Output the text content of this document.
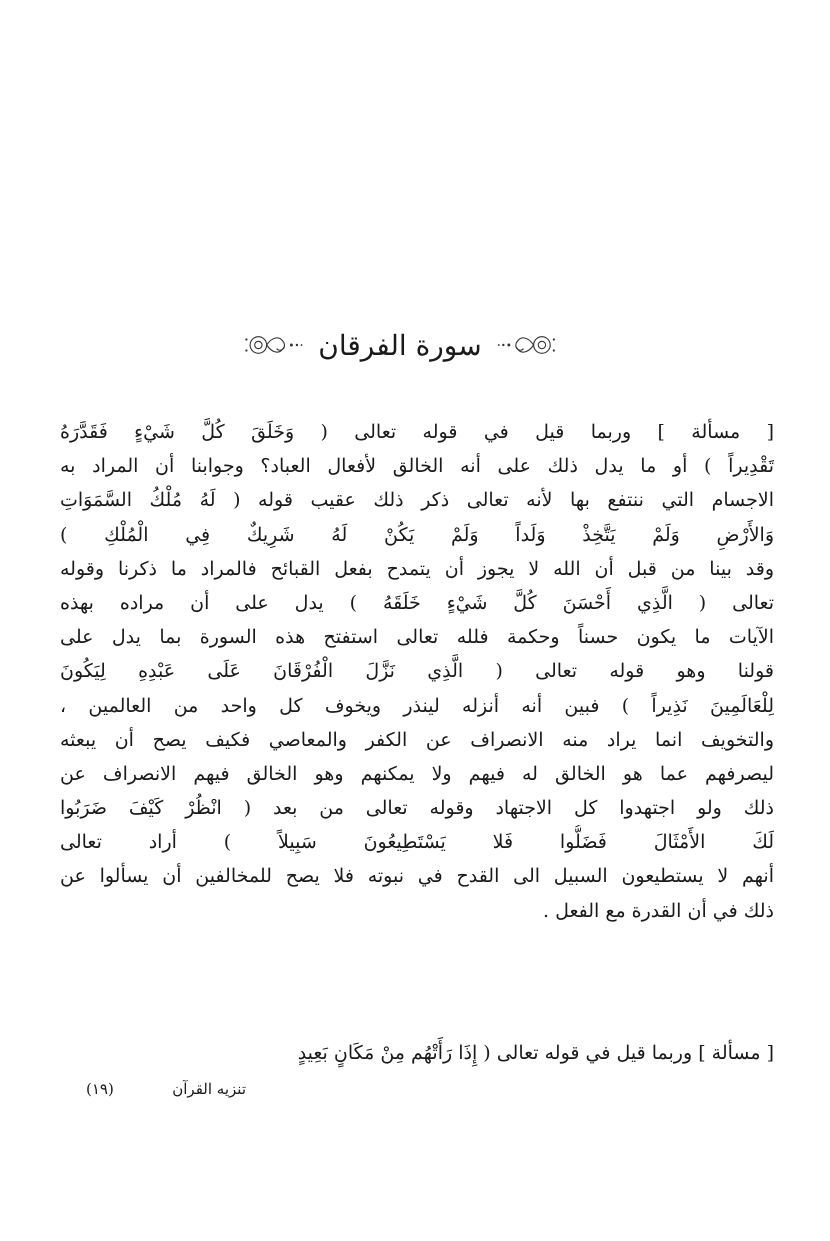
سورة الفرقان
[ مسألة ] وربما قيل في قوله تعالى ( وَخَلَقَ كُلَّ شَيْءٍ فَقَدَّرَهُ
تَقْدِيراً ) أو ما يدل ذلك على أنه الخالق لأفعال العباد؟ وجوابنا أن المراد به
الاجسام التي ننتفع بها لأنه تعالى ذكر ذلك عقيب قوله ( لَهُ مُلْكُ السَّمَوَاتِ
وَالأَرْضِ وَلَمْ يَتَّخِذْ وَلَداً وَلَمْ يَكُنْ لَهُ شَرِيكٌ فِي الْمُلْكِ )
وقد بينا من قبل أن الله لا يجوز أن يتمدح بفعل القبائح فالمراد ما ذكرنا وقوله
تعالى ( الَّذِي أَحْسَنَ كُلَّ شَيْءٍ خَلَقَهُ ) يدل على أن مراده بهذه
الآيات ما يكون حسناً وحكمة فلله تعالى استفتح هذه السورة بما يدل على
قولنا وهو قوله تعالى ( الَّذِي نَزَّلَ الْفُرْقَانَ عَلَى عَبْدِهِ لِيَكُونَ
لِلْعَالَمِينَ نَذِيراً ) فبين أنه أنزله لينذر ويخوف كل واحد من العالمين ،
والتخويف انما يراد منه الانصراف عن الكفر والمعاصي فكيف يصح أن يبعثه
ليصرفهم عما هو الخالق له فيهم ولا يمكنهم وهو الخالق فيهم الانصراف عن
ذلك ولو اجتهدوا كل الاجتهاد وقوله تعالى من بعد ( انْظُرْ كَيْفَ ضَرَبُوا
لَكَ الأَمْثَالَ فَضَلُّوا فَلا يَسْتَطِيعُونَ سَبِيلاً ) أراد تعالى
أنهم لا يستطيعون السبيل الى القدح في نبوته فلا يصح للمخالفين أن يسألوا عن
ذلك في أن القدرة مع الفعل .
[ مسألة ] وربما قيل في قوله تعالى ( إِذَا رَأَتْهُم مِنْ مَكَانٍ بَعِيدٍ
تنزيه القرآن
(١٩)
